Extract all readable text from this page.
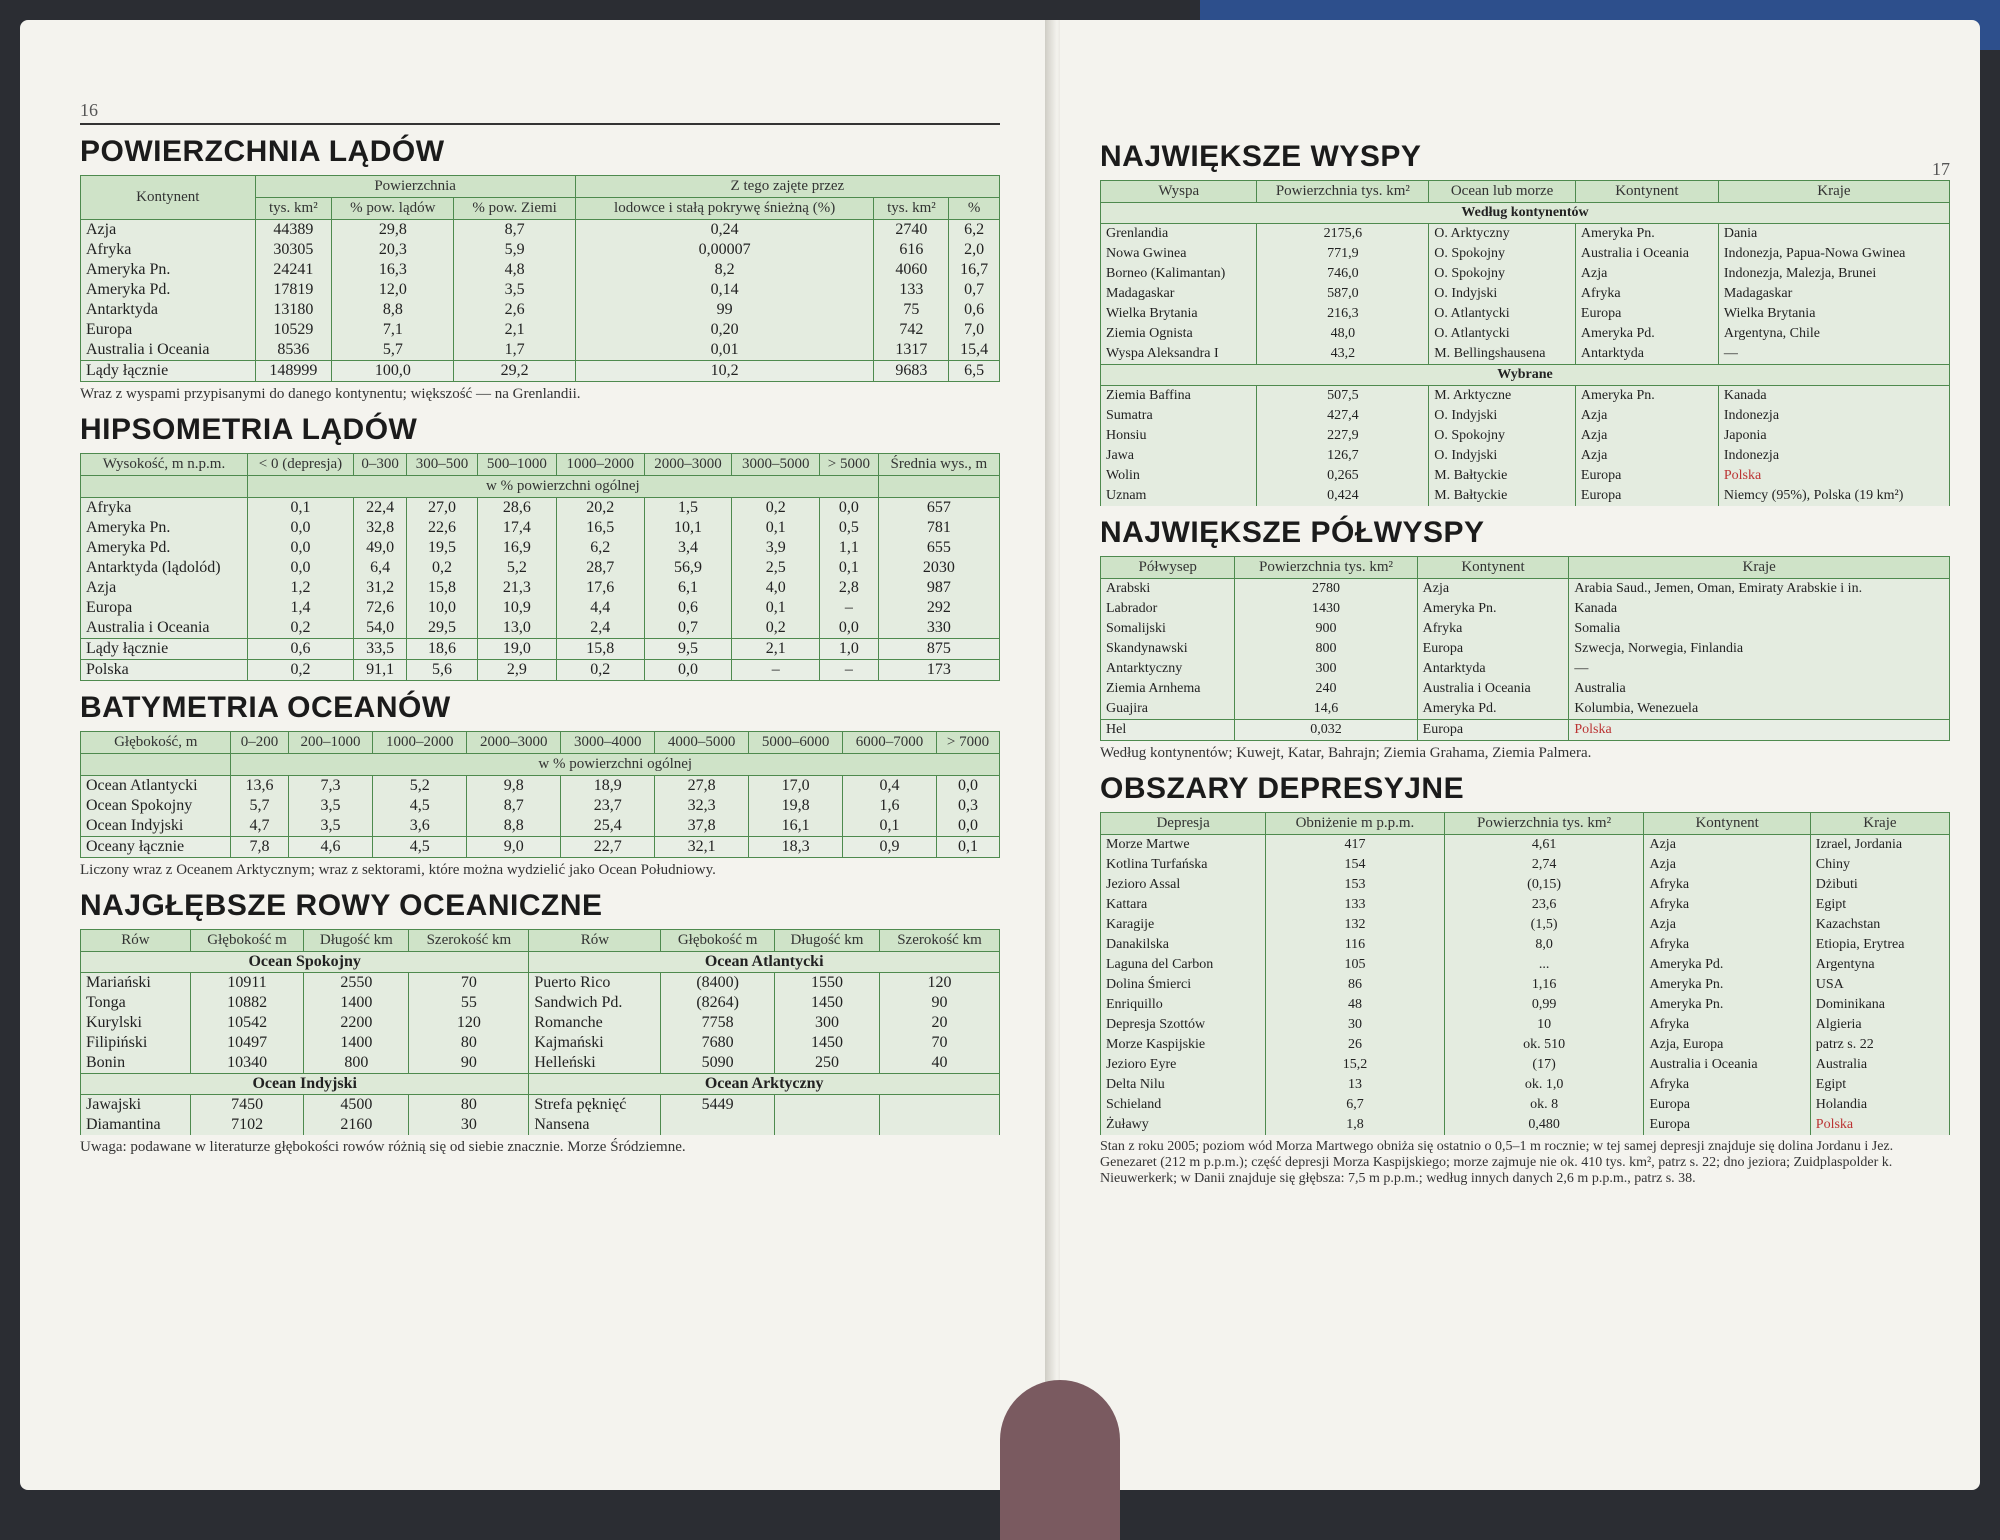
16
POWIERZCHNIA LĄDÓW
Kontynent	Powierzchnia			Z tego zajęte przez		
	tys. km²	% pow. lądów	% pow. Ziemi	lodowce i stałą pokrywę śnieżną (%)	tys. km²	%
Azja	44389	29,8	8,7	0,24	2740	6,2
Afryka	30305	20,3	5,9	0,00007	616	2,0
Ameryka Pn.	24241	16,3	4,8	8,2	4060	16,7
Ameryka Pd.	17819	12,0	3,5	0,14	133	0,7
Antarktyda	13180	8,8	2,6	99	75	0,6
Europa	10529	7,1	2,1	0,20	742	7,0
Australia i Oceania	8536	5,7	1,7	0,01	1317	15,4
Lądy łącznie	148999	100,0	29,2	10,2	9683	6,5
Wraz z wyspami przypisanymi do danego kontynentu; większość — na Grenlandii.
HIPSOMETRIA LĄDÓW
Wysokość, m n.p.m.	< 0 (depresja)	0–300	300–500	500–1000	1000–2000	2000–3000	3000–5000	> 5000	Średnia wys., m
	w % powierzchni ogólnej								
Afryka	0,1	22,4	27,0	28,6	20,2	1,5	0,2	0,0	657
Ameryka Pn.	0,0	32,8	22,6	17,4	16,5	10,1	0,1	0,5	781
Ameryka Pd.	0,0	49,0	19,5	16,9	6,2	3,4	3,9	1,1	655
Antarktyda (lądolód)	0,0	6,4	0,2	5,2	28,7	56,9	2,5	0,1	2030
Azja	1,2	31,2	15,8	21,3	17,6	6,1	4,0	2,8	987
Europa	1,4	72,6	10,0	10,9	4,4	0,6	0,1	–	292
Australia i Oceania	0,2	54,0	29,5	13,0	2,4	0,7	0,2	0,0	330
Lądy łącznie	0,6	33,5	18,6	19,0	15,8	9,5	2,1	1,0	875
Polska	0,2	91,1	5,6	2,9	0,2	0,0	–	–	173
BATYMETRIA OCEANÓW
Głębokość, m	0–200	200–1000	1000–2000	2000–3000	3000–4000	4000–5000	5000–6000	6000–7000	> 7000
	w % powierzchni ogólnej								
Ocean Atlantycki	13,6	7,3	5,2	9,8	18,9	27,8	17,0	0,4	0,0
Ocean Spokojny	5,7	3,5	4,5	8,7	23,7	32,3	19,8	1,6	0,3
Ocean Indyjski	4,7	3,5	3,6	8,8	25,4	37,8	16,1	0,1	0,0
Oceany łącznie	7,8	4,6	4,5	9,0	22,7	32,1	18,3	0,9	0,1
Liczony wraz z Oceanem Arktycznym; wraz z sektorami, które można wydzielić jako Ocean Południowy.
NAJGŁĘBSZE ROWY OCEANICZNE
Rów	Głębokość m	Długość km	Szerokość km	Rów	Głębokość m	Długość km	Szerokość km
Ocean Spokojny				Ocean Atlantycki			
Mariański	10911	2550	70	Puerto Rico	(8400)	1550	120
Tonga	10882	1400	55	Sandwich Pd.	(8264)	1450	90
Kurylski	10542	2200	120	Romanche	7758	300	20
Filipiński	10497	1400	80	Kajmański	7680	1450	70
Bonin	10340	800	90	Helleński	5090	250	40
Ocean Indyjski				Ocean Arktyczny			
Jawajski	7450	4500	80	Strefa pęknięć	5449		
Diamantina	7102	2160	30	Nansena			
Uwaga: podawane w literaturze głębokości rowów różnią się od siebie znacznie. Morze Śródziemne.
NAJWIĘKSZE WYSPY	17
Wyspa	Powierzchnia tys. km²	Ocean lub morze	Kontynent	Kraje
Według kontynentów				
Grenlandia	2175,6	O. Arktyczny	Ameryka Pn.	Dania
Nowa Gwinea	771,9	O. Spokojny	Australia i Oceania	Indonezja, Papua-Nowa Gwinea
Borneo (Kalimantan)	746,0	O. Spokojny	Azja	Indonezja, Malezja, Brunei
Madagaskar	587,0	O. Indyjski	Afryka	Madagaskar
Wielka Brytania	216,3	O. Atlantycki	Europa	Wielka Brytania
Ziemia Ognista	48,0	O. Atlantycki	Ameryka Pd.	Argentyna, Chile
Wyspa Aleksandra I	43,2	M. Bellingshausena	Antarktyda	—
Wybrane				
Ziemia Baffina	507,5	M. Arktyczne	Ameryka Pn.	Kanada
Sumatra	427,4	O. Indyjski	Azja	Indonezja
Honsiu	227,9	O. Spokojny	Azja	Japonia
Jawa	126,7	O. Indyjski	Azja	Indonezja
Wolin	0,265	M. Bałtyckie	Europa	Polska
Uznam	0,424	M. Bałtyckie	Europa	Niemcy (95%), Polska (19 km²)
NAJWIĘKSZE PÓŁWYSPY
Półwysep	Powierzchnia tys. km²	Kontynent	Kraje
Arabski	2780	Azja	Arabia Saud., Jemen, Oman, Emiraty Arabskie i in.
Labrador	1430	Ameryka Pn.	Kanada
Somalijski	900	Afryka	Somalia
Skandynawski	800	Europa	Szwecja, Norwegia, Finlandia
Antarktyczny	300	Antarktyda	—
Ziemia Arnhema	240	Australia i Oceania	Australia
Guajira	14,6	Ameryka Pd.	Kolumbia, Wenezuela
Hel	0,032	Europa	Polska
Według kontynentów; Kuwejt, Katar, Bahrajn; Ziemia Grahama, Ziemia Palmera.
OBSZARY DEPRESYJNE
Depresja	Obniżenie m p.p.m.	Powierzchnia tys. km²	Kontynent	Kraje
Morze Martwe	417	4,61	Azja	Izrael, Jordania
Kotlina Turfańska	154	2,74	Azja	Chiny
Jezioro Assal	153	(0,15)	Afryka	Dżibuti
Kattara	133	23,6	Afryka	Egipt
Karagije	132	(1,5)	Azja	Kazachstan
Danakilska	116	8,0	Afryka	Etiopia, Erytrea
Laguna del Carbon	105	...	Ameryka Pd.	Argentyna
Dolina Śmierci	86	1,16	Ameryka Pn.	USA
Enriquillo	48	0,99	Ameryka Pn.	Dominikana
Depresja Szottów	30	10	Afryka	Algieria
Morze Kaspijskie	26	ok. 510	Azja, Europa	patrz s. 22
Jezioro Eyre	15,2	(17)	Australia i Oceania	Australia
Delta Nilu	13	ok. 1,0	Afryka	Egipt
Schieland	6,7	ok. 8	Europa	Holandia
Żuławy	1,8	0,480	Europa	Polska
Stan z roku 2005; poziom wód Morza Martwego obniża się ostatnio o 0,5–1 m rocznie; w tej samej depresji znajduje się dolina Jordanu i Jez. Genezaret (212 m p.p.m.); część depresji Morza Kaspijskiego; morze zajmuje nie ok. 410 tys. km², patrz s. 22; dno jeziora; Zuidplaspolder k. Nieuwerkerk; w Danii znajduje się głębsza: 7,5 m p.p.m.; według innych danych 2,6 m p.p.m., patrz s. 38.
